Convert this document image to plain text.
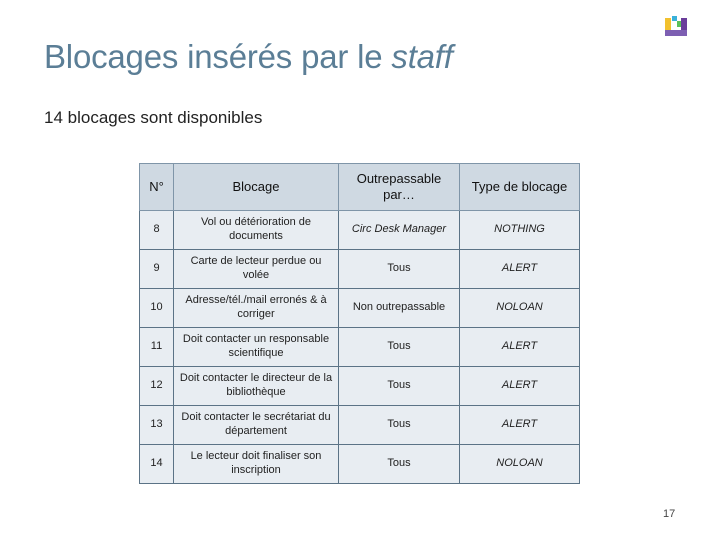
Blocages insérés par le staff
14 blocages sont disponibles
N°	Blocage	Outrepassable par…	Type de blocage
8	Vol ou détérioration de documents	Circ Desk Manager	NOTHING
9	Carte de lecteur perdue ou volée	Tous	ALERT
10	Adresse/tél./mail erronés & à corriger	Non outrepassable	NOLOAN
11	Doit contacter un responsable scientifique	Tous	ALERT
12	Doit contacter le directeur de la bibliothèque	Tous	ALERT
13	Doit contacter le secrétariat du département	Tous	ALERT
14	Le lecteur doit finaliser son inscription	Tous	NOLOAN
17
